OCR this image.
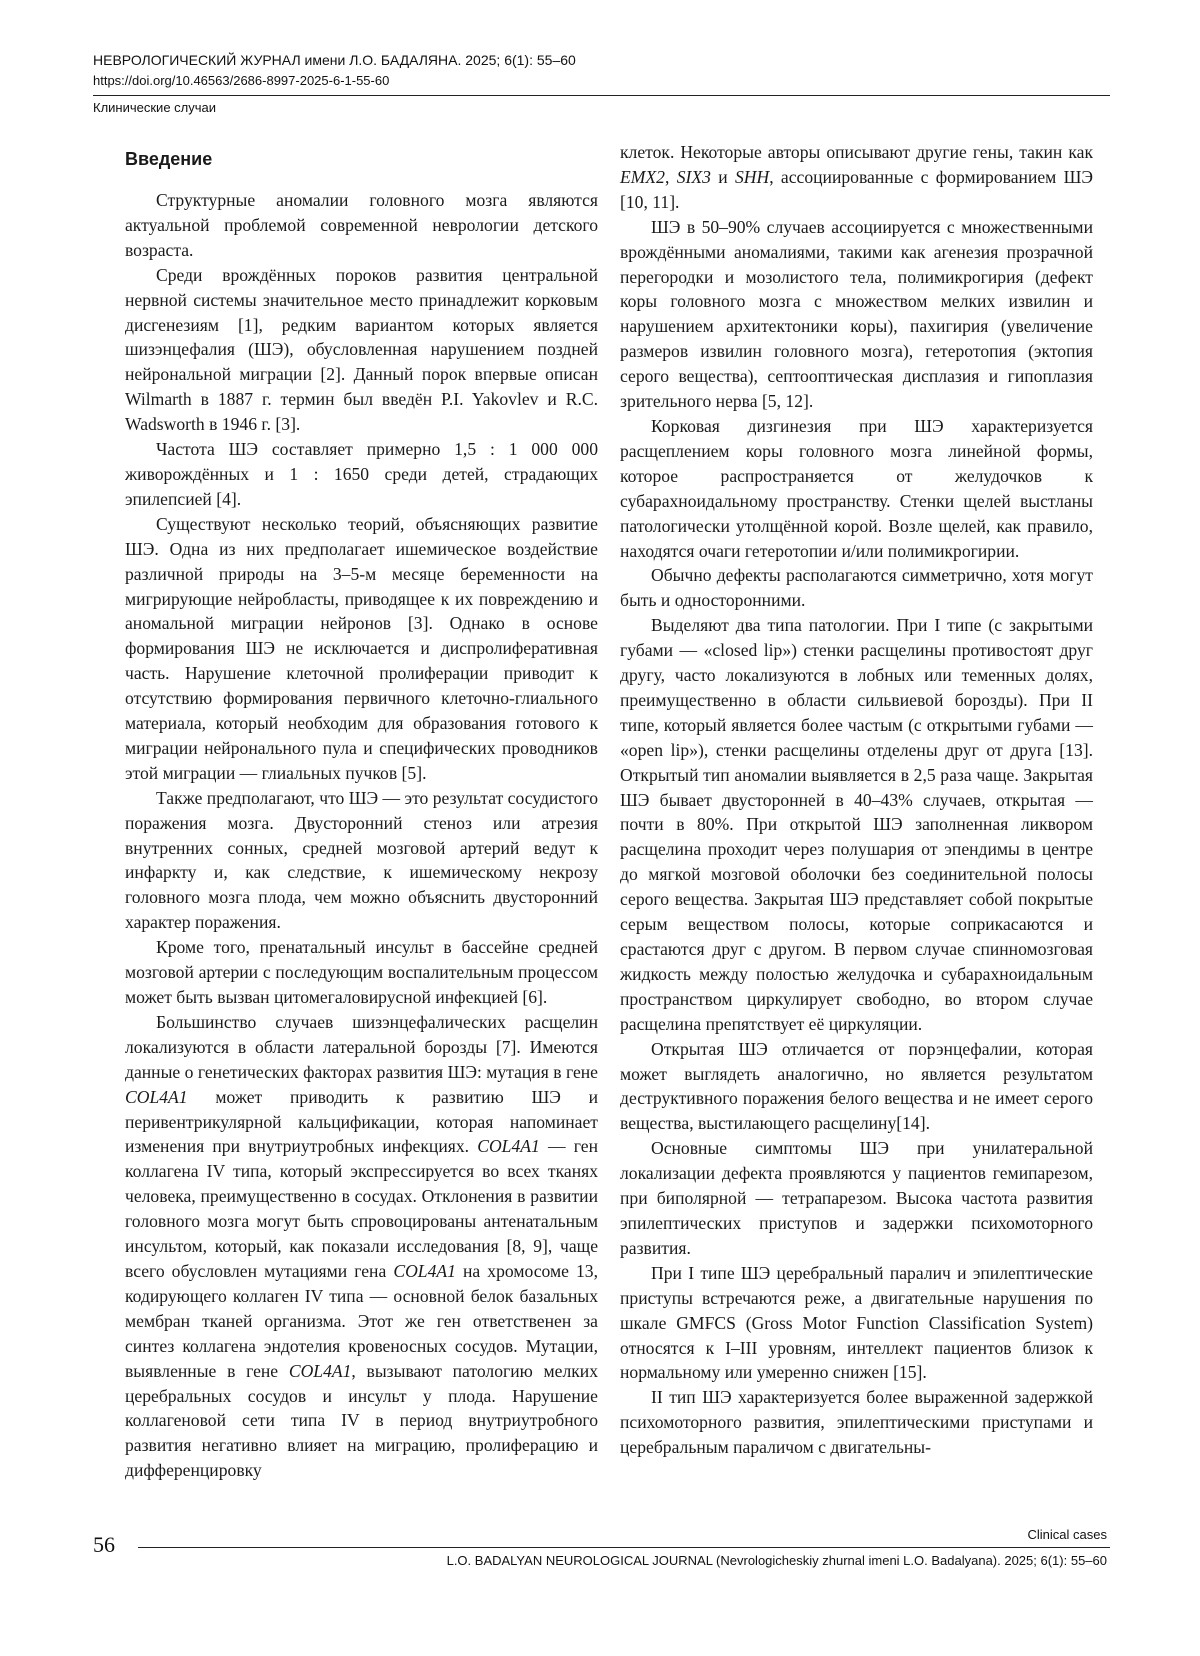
НЕВРОЛОГИЧЕСКИЙ ЖУРНАЛ имени Л.О. БАДАЛЯНА. 2025; 6(1): 55–60
https://doi.org/10.46563/2686-8997-2025-6-1-55-60
Клинические случаи
Введение

Структурные аномалии головного мозга являются актуальной проблемой современной неврологии детского возраста.

Среди врождённых пороков развития центральной нервной системы значительное место принадлежит корковым дисгенезиям [1], редким вариантом которых является шизэнцефалия (ШЭ), обусловленная нарушением поздней нейрональной миграции [2]. Данный порок впервые описан Wilmarth в 1887 г. термин был введён P.I. Yakovlev и R.C. Wadsworth в 1946 г. [3].

Частота ШЭ составляет примерно 1,5 : 1 000 000 живорождённых и 1 : 1650 среди детей, страдающих эпилепсией [4].

Существуют несколько теорий, объясняющих развитие ШЭ. Одна из них предполагает ишемическое воздействие различной природы на 3–5-м месяце беременности на мигрирующие нейробласты, приводящее к их повреждению и аномальной миграции нейронов [3]. Однако в основе формирования ШЭ не исключается и диспролиферативная часть. Нарушение клеточной пролиферации приводит к отсутствию формирования первичного клеточно-глиального материала, который необходим для образования готового к миграции нейронального пула и специфических проводников этой миграции — глиальных пучков [5].

Также предполагают, что ШЭ — это результат сосудистого поражения мозга. Двусторонний стеноз или атрезия внутренних сонных, средней мозговой артерий ведут к инфаркту и, как следствие, к ишемическому некрозу головного мозга плода, чем можно объяснить двусторонний характер поражения.

Кроме того, пренатальный инсульт в бассейне средней мозговой артерии с последующим воспалительным процессом может быть вызван цитомегаловирусной инфекцией [6].

Большинство случаев шизэнцефалических расщелин локализуются в области латеральной борозды [7]. Имеются данные о генетических факторах развития ШЭ: мутация в гене COL4A1 может приводить к развитию ШЭ и перивентрикулярной кальцификации, которая напоминает изменения при внутриутробных инфекциях. COL4A1 — ген коллагена IV типа, который экспрессируется во всех тканях человека, преимущественно в сосудах. Отклонения в развитии головного мозга могут быть спровоцированы антенатальным инсультом, который, как показали исследования [8, 9], чаще всего обусловлен мутациями гена COL4A1 на хромосоме 13, кодирующего коллаген IV типа — основной белок базальных мембран тканей организма. Этот же ген ответственен за синтез коллагена эндотелия кровеносных сосудов. Мутации, выявленные в гене COL4A1, вызывают патологию мелких церебральных сосудов и инсульт у плода. Нарушение коллагеновой сети типа IV в период внутриутробного развития негативно влияет на миграцию, пролиферацию и дифференцировку

клеток. Некоторые авторы описывают другие гены, такин как EMX2, SIX3 и SHH, ассоциированные с формированием ШЭ [10, 11].

ШЭ в 50–90% случаев ассоциируется с множественными врождёнными аномалиями, такими как агенезия прозрачной перегородки и мозолистого тела, полимикрогирия (дефект коры головного мозга с множеством мелких извилин и нарушением архитектоники коры), пахигирия (увеличение размеров извилин головного мозга), гетеротопия (эктопия серого вещества), септооптическая дисплазия и гипоплазия зрительного нерва [5, 12].

Корковая дизгинезия при ШЭ характеризуется расщеплением коры головного мозга линейной формы, которое распространяется от желудочков к субарахноидальному пространству. Стенки щелей выстланы патологически утолщённой корой. Возле щелей, как правило, находятся очаги гетеротопии и/или полимикрогирии.

Обычно дефекты располагаются симметрично, хотя могут быть и односторонними.

Выделяют два типа патологии. При I типе (с закрытыми губами — «closed lip») стенки расщелины противостоят друг другу, часто локализуются в лобных или теменных долях, преимущественно в области сильвиевой борозды). При II типе, который является более частым (с открытыми губами — «open lip»), стенки расщелины отделены друг от друга [13]. Открытый тип аномалии выявляется в 2,5 раза чаще. Закрытая ШЭ бывает двусторонней в 40–43% случаев, открытая — почти в 80%. При открытой ШЭ заполненная ликвором расщелина проходит через полушария от эпендимы в центре до мягкой мозговой оболочки без соединительной полосы серого вещества. Закрытая ШЭ представляет собой покрытые серым веществом полосы, которые соприкасаются и срастаются друг с другом. В первом случае спинномозговая жидкость между полостью желудочка и субарахноидальным пространством циркулирует свободно, во втором случае расщелина препятствует её циркуляции.

Открытая ШЭ отличается от порэнцефалии, которая может выглядеть аналогично, но является результатом деструктивного поражения белого вещества и не имеет серого вещества, выстилающего расщелину[14].

Основные симптомы ШЭ при унилатеральной локализации дефекта проявляются у пациентов гемипарезом, при биполярной — тетрапарезом. Высока частота развития эпилептических приступов и задержки психомоторного развития.

При I типе ШЭ церебральный паралич и эпилептические приступы встречаются реже, а двигательные нарушения по шкале GMFCS (Gross Motor Function Classification System) относятся к I–III уровням, интеллект пациентов близок к нормальному или умеренно снижен [15].

II тип ШЭ характеризуется более выраженной задержкой психомоторного развития, эпилептическими приступами и церебральным параличом с двигательны-

56	Clinical cases
L.O. BADALYAN NEUROLOGICAL JOURNAL (Nevrologicheskiy zhurnal imeni L.O. Badalyana). 2025; 6(1): 55–60
